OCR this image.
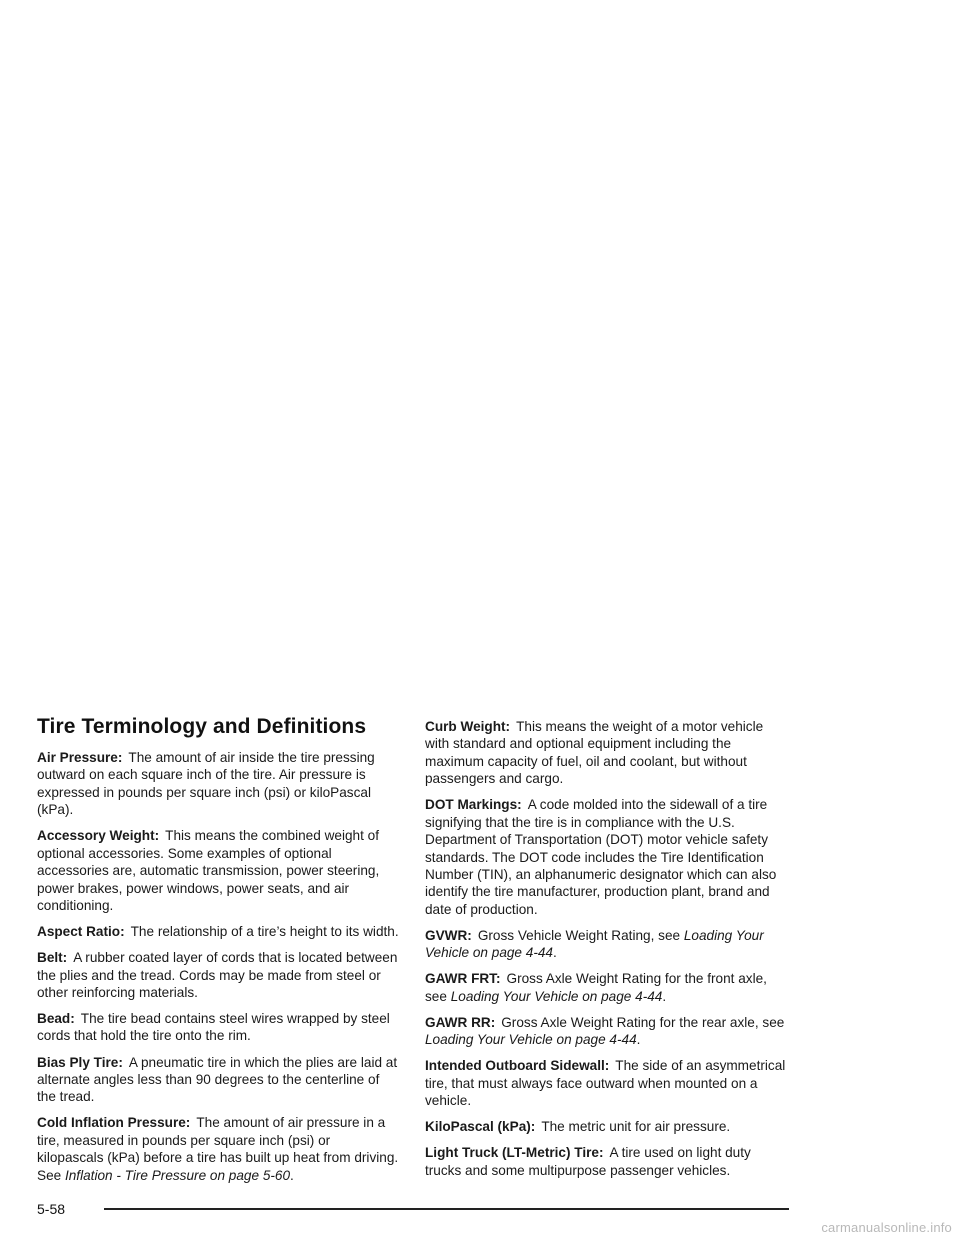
Tire Terminology and Definitions

Air Pressure: The amount of air inside the tire pressing outward on each square inch of the tire. Air pressure is expressed in pounds per square inch (psi) or kiloPascal (kPa).

Accessory Weight: This means the combined weight of optional accessories. Some examples of optional accessories are, automatic transmission, power steering, power brakes, power windows, power seats, and air conditioning.

Aspect Ratio: The relationship of a tire’s height to its width.

Belt: A rubber coated layer of cords that is located between the plies and the tread. Cords may be made from steel or other reinforcing materials.

Bead: The tire bead contains steel wires wrapped by steel cords that hold the tire onto the rim.

Bias Ply Tire: A pneumatic tire in which the plies are laid at alternate angles less than 90 degrees to the centerline of the tread.

Cold Inflation Pressure: The amount of air pressure in a tire, measured in pounds per square inch (psi) or kilopascals (kPa) before a tire has built up heat from driving. See Inflation - Tire Pressure on page 5-60.

Curb Weight: This means the weight of a motor vehicle with standard and optional equipment including the maximum capacity of fuel, oil and coolant, but without passengers and cargo.

DOT Markings: A code molded into the sidewall of a tire signifying that the tire is in compliance with the U.S. Department of Transportation (DOT) motor vehicle safety standards. The DOT code includes the Tire Identification Number (TIN), an alphanumeric designator which can also identify the tire manufacturer, production plant, brand and date of production.

GVWR: Gross Vehicle Weight Rating, see Loading Your Vehicle on page 4-44.

GAWR FRT: Gross Axle Weight Rating for the front axle, see Loading Your Vehicle on page 4-44.

GAWR RR: Gross Axle Weight Rating for the rear axle, see Loading Your Vehicle on page 4-44.

Intended Outboard Sidewall: The side of an asymmetrical tire, that must always face outward when mounted on a vehicle.

KiloPascal (kPa): The metric unit for air pressure.

Light Truck (LT-Metric) Tire: A tire used on light duty trucks and some multipurpose passenger vehicles.

5-58
carmanualsonline.info
